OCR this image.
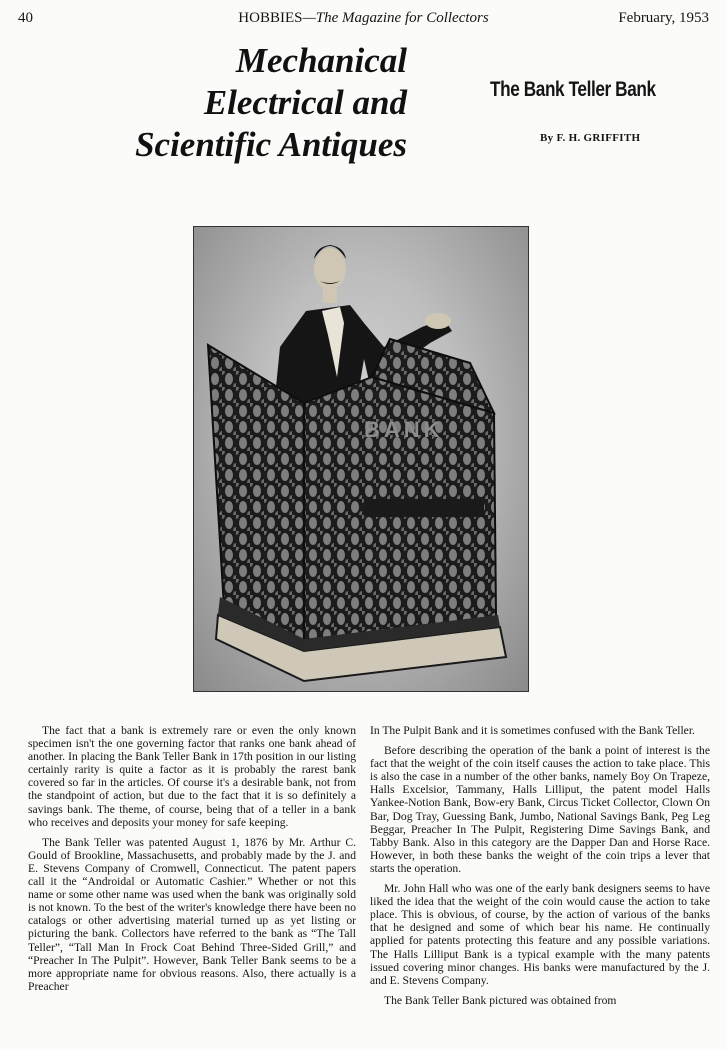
40	HOBBIES—The Magazine for Collectors	February, 1953
Mechanical
Electrical and
Scientific Antiques
The Bank Teller Bank
By F. H. GRIFFITH
BANK

The fact that a bank is extremely rare or even the only known specimen isn't the one governing factor that ranks one bank ahead of another. In placing the Bank Teller Bank in 17th position in our listing certainly rarity is quite a factor as it is probably the rarest bank covered so far in the articles. Of course it's a desirable bank, not from the standpoint of action, but due to the fact that it is so definitely a savings bank. The theme, of course, being that of a teller in a bank who receives and deposits your money for safe keeping.

The Bank Teller was patented August 1, 1876 by Mr. Arthur C. Gould of Brookline, Massachusetts, and probably made by the J. and E. Stevens Company of Cromwell, Connecticut. The patent papers call it the “Androidal or Automatic Cashier.” Whether or not this name or some other name was used when the bank was originally sold is not known. To the best of the writer's knowledge there have been no catalogs or other advertising material turned up as yet listing or picturing the bank. Collectors have referred to the bank as “The Tall Teller”, “Tall Man In Frock Coat Behind Three-Sided Grill,” and “Preacher In The Pulpit”. However, Bank Teller Bank seems to be a more appropriate name for obvious reasons. Also, there actually is a Preacher

In The Pulpit Bank and it is sometimes confused with the Bank Teller.

Before describing the operation of the bank a point of interest is the fact that the weight of the coin itself causes the action to take place. This is also the case in a number of the other banks, namely Boy On Trapeze, Halls Excelsior, Tammany, Halls Lilliput, the patent model Halls Yankee-Notion Bank, Bow-ery Bank, Circus Ticket Collector, Clown On Bar, Dog Tray, Guessing Bank, Jumbo, National Savings Bank, Peg Leg Beggar, Preacher In The Pulpit, Registering Dime Savings Bank, and Tabby Bank. Also in this category are the Dapper Dan and Horse Race. However, in both these banks the weight of the coin trips a lever that starts the operation.

Mr. John Hall who was one of the early bank designers seems to have liked the idea that the weight of the coin would cause the action to take place. This is obvious, of course, by the action of various of the banks that he designed and some of which bear his name. He continually applied for patents protecting this feature and any possible variations. The Halls Lilliput Bank is a typical example with the many patents issued covering minor changes. His banks were manufactured by the J. and E. Stevens Company.

The Bank Teller Bank pictured was obtained from
